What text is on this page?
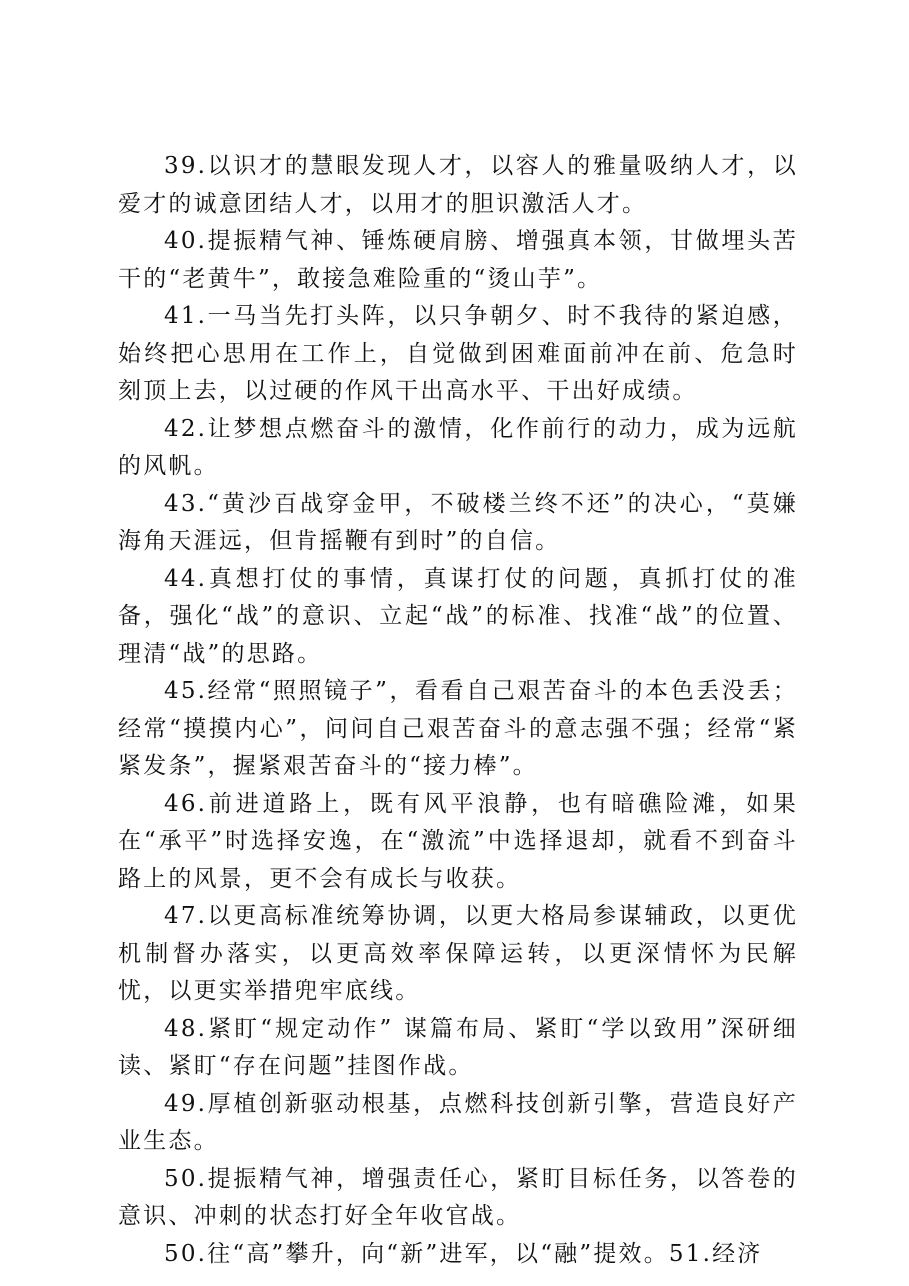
39.以识才的慧眼发现人才，以容人的雅量吸纳人才，以爱才的诚意团结人才，以用才的胆识激活人才。

40.提振精气神、锤炼硬肩膀、增强真本领，甘做埋头苦干的“老黄牛”，敢接急难险重的“烫山芋”。

41.一马当先打头阵，以只争朝夕、时不我待的紧迫感，始终把心思用在工作上，自觉做到困难面前冲在前、危急时刻顶上去，以过硬的作风干出高水平、干出好成绩。

42.让梦想点燃奋斗的激情，化作前行的动力，成为远航的风帆。

43.“黄沙百战穿金甲，不破楼兰终不还”的决心，“莫嫌海角天涯远，但肯摇鞭有到时”的自信。

44.真想打仗的事情，真谋打仗的问题，真抓打仗的准备，强化“战”的意识、立起“战”的标准、找准“战”的位置、理清“战”的思路。

45.经常“照照镜子”，看看自己艰苦奋斗的本色丢没丢；经常“摸摸内心”，问问自己艰苦奋斗的意志强不强；经常“紧紧发条”，握紧艰苦奋斗的“接力棒”。

46.前进道路上，既有风平浪静，也有暗礁险滩，如果在“承平”时选择安逸，在“激流”中选择退却，就看不到奋斗路上的风景，更不会有成长与收获。

47.以更高标准统筹协调，以更大格局参谋辅政，以更优机制督办落实，以更高效率保障运转，以更深情怀为民解忧，以更实举措兜牢底线。

48.紧盯“规定动作” 谋篇布局、紧盯“学以致用”深研细读、紧盯“存在问题”挂图作战。

49.厚植创新驱动根基，点燃科技创新引擎，营造良好产业生态。

50.提振精气神，增强责任心，紧盯目标任务，以答卷的意识、冲刺的状态打好全年收官战。

50.往“高”攀升，向“新”进军，以“融”提效。51.经济
